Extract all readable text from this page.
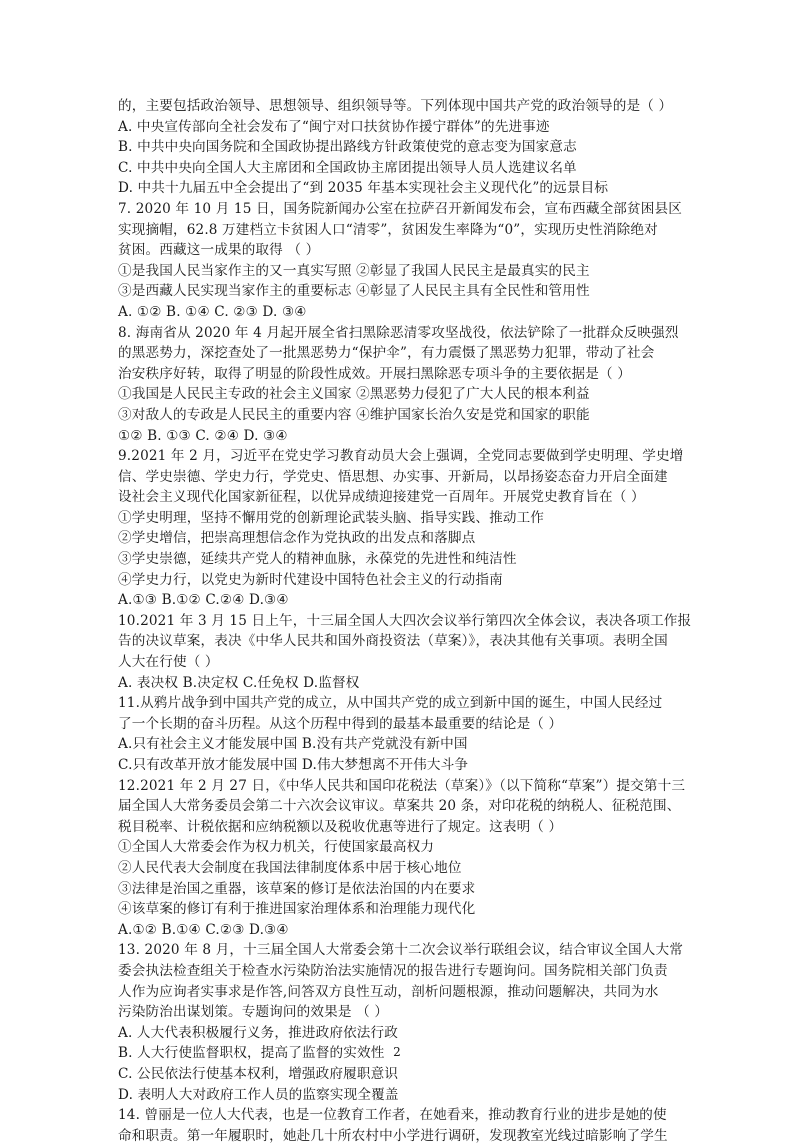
的，主要包括政治领导、思想领导、组织领导等。下列体现中国共产党的政治领导的是（ ）
A. 中央宣传部向全社会发布了“闽宁对口扶贫协作援宁群体”的先进事迹
B. 中共中央向国务院和全国政协提出路线方针政策使党的意志变为国家意志
C. 中共中央向全国人大主席团和全国政协主席团提出领导人员人选建议名单
D. 中共十九届五中全会提出了“到 2035 年基本实现社会主义现代化”的远景目标
7. 2020 年 10 月 15 日，国务院新闻办公室在拉萨召开新闻发布会，宣布西藏全部贫困县区
实现摘帽，62.8 万建档立卡贫困人口“清零”，贫困发生率降为“0”，实现历史性消除绝对
贫困。西藏这一成果的取得 （ ）
①是我国人民当家作主的又一真实写照 ②彰显了我国人民民主是最真实的民主
③是西藏人民实现当家作主的重要标志 ④彰显了人民民主具有全民性和管用性
A. ①② B. ①④ C. ②③ D. ③④
8. 海南省从 2020 年 4 月起开展全省扫黑除恶清零攻坚战役，依法铲除了一批群众反映强烈
的黑恶势力，深挖查处了一批黑恶势力“保护伞”，有力震慑了黑恶势力犯罪，带动了社会
治安秩序好转，取得了明显的阶段性成效。开展扫黑除恶专项斗争的主要依据是（ ）
①我国是人民民主专政的社会主义国家 ②黑恶势力侵犯了广大人民的根本利益
③对敌人的专政是人民民主的重要内容 ④维护国家长治久安是党和国家的职能
①② B. ①③ C. ②④ D. ③④
9.2021 年 2 月，习近平在党史学习教育动员大会上强调，全党同志要做到学史明理、学史增
信、学史崇德、学史力行，学党史、悟思想、办实事、开新局，以昂扬姿态奋力开启全面建
设社会主义现代化国家新征程，以优异成绩迎接建党一百周年。开展党史教育旨在（ ）
①学史明理，坚持不懈用党的创新理论武装头脑、指导实践、推动工作
②学史增信，把崇高理想信念作为党执政的出发点和落脚点
③学史崇德，延续共产党人的精神血脉，永葆党的先进性和纯洁性
④学史力行，以党史为新时代建设中国特色社会主义的行动指南
A.①③ B.①② C.②④ D.③④
10.2021 年 3 月 15 日上午，十三届全国人大四次会议举行第四次全体会议，表决各项工作报
告的决议草案，表决《中华人民共和国外商投资法（草案）》，表决其他有关事项。表明全国
人大在行使（ ）
A. 表决权 B.决定权 C.任免权 D.监督权
11.从鸦片战争到中国共产党的成立，从中国共产党的成立到新中国的诞生，中国人民经过
了一个长期的奋斗历程。从这个历程中得到的最基本最重要的结论是（ ）
A.只有社会主义才能发展中国 B.没有共产党就没有新中国
C.只有改革开放才能发展中国 D.伟大梦想离不开伟大斗争
12.2021 年 2 月 27 日，《中华人民共和国印花税法（草案）》（以下简称“草案”）提交第十三
届全国人大常务委员会第二十六次会议审议。草案共 20 条，对印花税的纳税人、征税范围、
税目税率、计税依据和应纳税额以及税收优惠等进行了规定。这表明（ ）
①全国人大常委会作为权力机关，行使国家最高权力
②人民代表大会制度在我国法律制度体系中居于核心地位
③法律是治国之重器，该草案的修订是依法治国的内在要求
④该草案的修订有利于推进国家治理体系和治理能力现代化
A.①② B.①④ C.②③ D.③④
13. 2020 年 8 月，十三届全国人大常委会第十二次会议举行联组会议，结合审议全国人大常
委会执法检查组关于检查水污染防治法实施情况的报告进行专题询问。国务院相关部门负责
人作为应询者实事求是作答,问答双方良性互动，剖析问题根源，推动问题解决，共同为水
污染防治出谋划策。专题询问的效果是 （ ）
A. 人大代表积极履行义务，推进政府依法行政
B. 人大行使监督职权，提高了监督的实效性
C. 公民依法行使基本权利，增强政府履职意识
D. 表明人大对政府工作人员的监察实现全覆盖
14. 曾丽是一位人大代表，也是一位教育工作者，在她看来，推动教育行业的进步是她的使
命和职责。第一年履职时，她赴几十所农村中小学进行调研，发现教室光线过暗影响了学生
2
